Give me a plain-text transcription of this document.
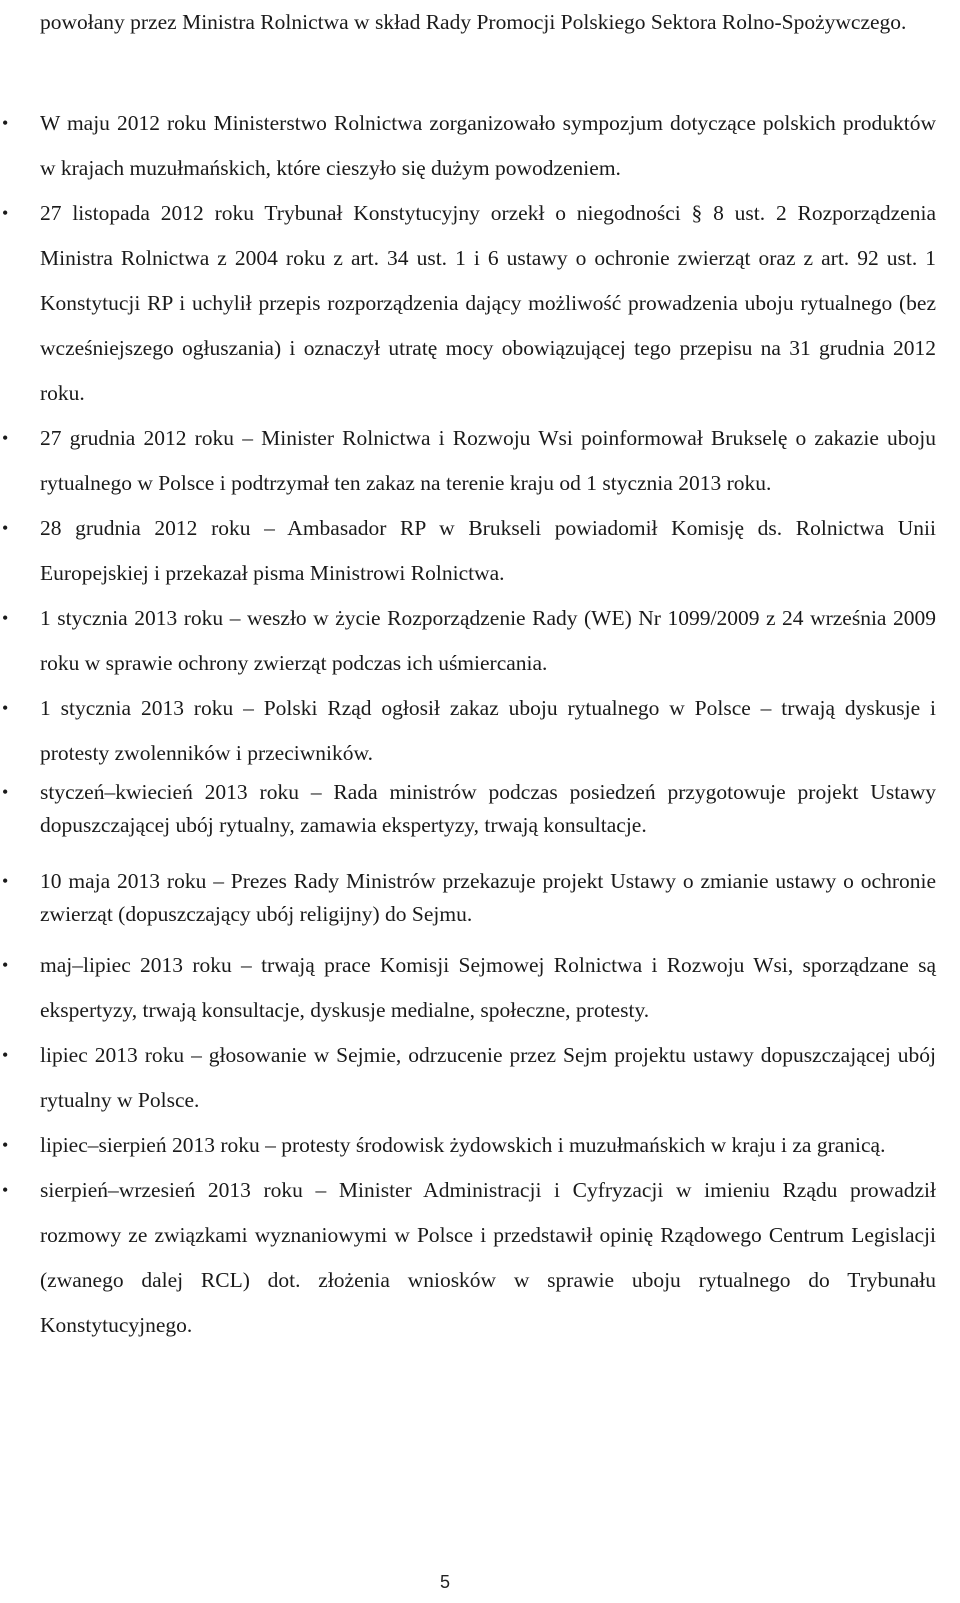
powołany przez Ministra Rolnictwa w skład Rady Promocji Polskiego Sektora Rolno-Spożywczego.

• W maju 2012 roku Ministerstwo Rolnictwa zorganizowało sympozjum dotyczące polskich produktów w krajach muzułmańskich, które cieszyło się dużym powodzeniem.
• 27 listopada 2012 roku Trybunał Konstytucyjny orzekł o niegodności § 8 ust. 2 Rozporządzenia Ministra Rolnictwa z 2004 roku z art. 34 ust. 1 i 6 ustawy o ochronie zwierząt oraz z art. 92 ust. 1 Konstytucji RP i uchylił przepis rozporządzenia dający możliwość prowadzenia uboju rytualnego (bez wcześniejszego ogłuszania) i oznaczył utratę mocy obowiązującej tego przepisu na 31 grudnia 2012 roku.
• 27 grudnia 2012 roku – Minister Rolnictwa i Rozwoju Wsi poinformował Brukselę o zakazie uboju rytualnego w Polsce i podtrzymał ten zakaz na terenie kraju od 1 stycznia 2013 roku.
• 28 grudnia 2012 roku – Ambasador RP w Brukseli powiadomił Komisję ds. Rolnictwa Unii Europejskiej i przekazał pisma Ministrowi Rolnictwa.
• 1 stycznia 2013 roku – weszło w życie Rozporządzenie Rady (WE) Nr 1099/2009 z 24 września 2009 roku w sprawie ochrony zwierząt podczas ich uśmiercania.
• 1 stycznia 2013 roku – Polski Rząd ogłosił zakaz uboju rytualnego w Polsce – trwają dyskusje i protesty zwolenników i przeciwników.
• styczeń–kwiecień 2013 roku – Rada ministrów podczas posiedzeń przygotowuje projekt Ustawy dopuszczającej ubój rytualny, zamawia ekspertyzy, trwają konsultacje.
• 10 maja 2013 roku – Prezes Rady Ministrów przekazuje projekt Ustawy o zmianie ustawy o ochronie zwierząt (dopuszczający ubój religijny) do Sejmu.
• maj–lipiec 2013 roku – trwają prace Komisji Sejmowej Rolnictwa i Rozwoju Wsi, sporządzane są ekspertyzy, trwają konsultacje, dyskusje medialne, społeczne, protesty.
• lipiec 2013 roku – głosowanie w Sejmie, odrzucenie przez Sejm projektu ustawy dopuszczającej ubój rytualny w Polsce.
• lipiec–sierpień 2013 roku – protesty środowisk żydowskich i muzułmańskich w kraju i za granicą.
• sierpień–wrzesień 2013 roku – Minister Administracji i Cyfryzacji w imieniu Rządu prowadził rozmowy ze związkami wyznaniowymi w Polsce i przedstawił opinię Rządowego Centrum Legislacji (zwanego dalej RCL) dot. złożenia wniosków w sprawie uboju rytualnego do Trybunału Konstytucyjnego.
5
